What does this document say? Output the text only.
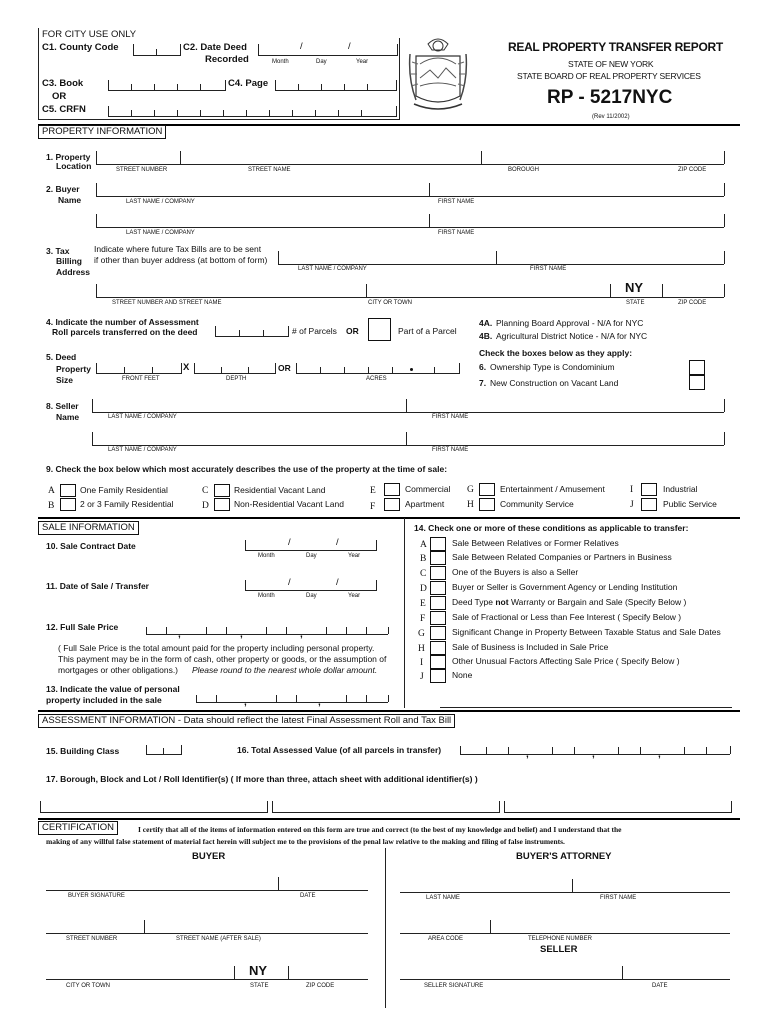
FOR CITY USE ONLY
C1. County Code	C2. Date Deed
Recorded
/	/
Month	Day	Year
C3. Book	C4. Page
OR
C5. CRFN
REAL PROPERTY TRANSFER REPORT
STATE OF NEW YORK
STATE BOARD OF REAL PROPERTY SERVICES
RP - 5217NYC
(Rev 11/2002)
PROPERTY INFORMATION
1. Property
Location	STREET NUMBER	STREET NAME	BOROUGH	ZIP CODE
2. Buyer
Name	LAST NAME / COMPANY	FIRST NAME
LAST NAME / COMPANY	FIRST NAME
3. Tax
Billing
Address
Indicate where future Tax Bills are to be sent
if other than buyer address (at bottom of form)
LAST NAME / COMPANY	FIRST NAME
NY
STREET NUMBER AND STREET NAME	CITY OR TOWN	STATE	ZIP CODE
4. Indicate the number of Assessment
Roll parcels transferred on the deed	# of Parcels OR	Part of a Parcel
4A. Planning Board Approval - N/A for NYC
4B. Agricultural District Notice - N/A for NYC
5. Deed
Property
Size	FRONT FEET
X
DEPTH
OR
ACRES
Check the boxes below as they apply:
6. Ownership Type is Condominium
7. New Construction on Vacant Land
8. Seller
Name	LAST NAME / COMPANY	FIRST NAME
LAST NAME / COMPANY	FIRST NAME
9. Check the box below which most accurately describes the use of the property at the time of sale:
A	One Family Residential
B	2 or 3 Family Residential
C	Residential Vacant Land
D	Non-Residential Vacant Land
E	Commercial
F	Apartment
G	Entertainment / Amusement
H	Community Service
I	Industrial
J	Public Service
SALE INFORMATION
10. Sale Contract Date	/	/
Month	Day	Year
11. Date of Sale / Transfer	/	/
Month	Day	Year
12. Full Sale Price
,	,	,
( Full Sale Price is the total amount paid for the property including personal property.
This payment may be in the form of cash, other property or goods, or the assumption of
mortgages or other obligations.) Please round to the nearest whole dollar amount.
13. Indicate the value of personal
property included in the sale	,	,
14. Check one or more of these conditions as applicable to transfer:
A	Sale Between Relatives or Former Relatives
B	Sale Between Related Companies or Partners in Business
C	One of the Buyers is also a Seller
D	Buyer or Seller is Government Agency or Lending Institution
E	Deed Type not Warranty or Bargain and Sale (Specify Below )
F	Sale of Fractional or Less than Fee Interest ( Specify Below )
G	Significant Change in Property Between Taxable Status and Sale Dates
H	Sale of Business is Included in Sale Price
I	Other Unusual Factors Affecting Sale Price ( Specify Below )
J	None
ASSESSMENT INFORMATION - Data should reflect the latest Final Assessment Roll and Tax Bill
15. Building Class	16. Total Assessed Value (of all parcels in transfer)	,	,	,
17. Borough, Block and Lot / Roll Identifier(s) ( If more than three, attach sheet with additional identifier(s) )
CERTIFICATION	I certify that all of the items of information entered on this form are true and correct (to the best of my knowledge and belief) and I understand that the
making of any willful false statement of material fact herein will subject me to the provisions of the penal law relative to the making and filing of false instruments.
BUYER
BUYER SIGNATURE	DATE
STREET NUMBER	STREET NAME (AFTER SALE)
NY
CITY OR TOWN	STATE	ZIP CODE
BUYER'S ATTORNEY
LAST NAME	FIRST NAME
AREA CODE	TELEPHONE NUMBER
SELLER
SELLER SIGNATURE	DATE
